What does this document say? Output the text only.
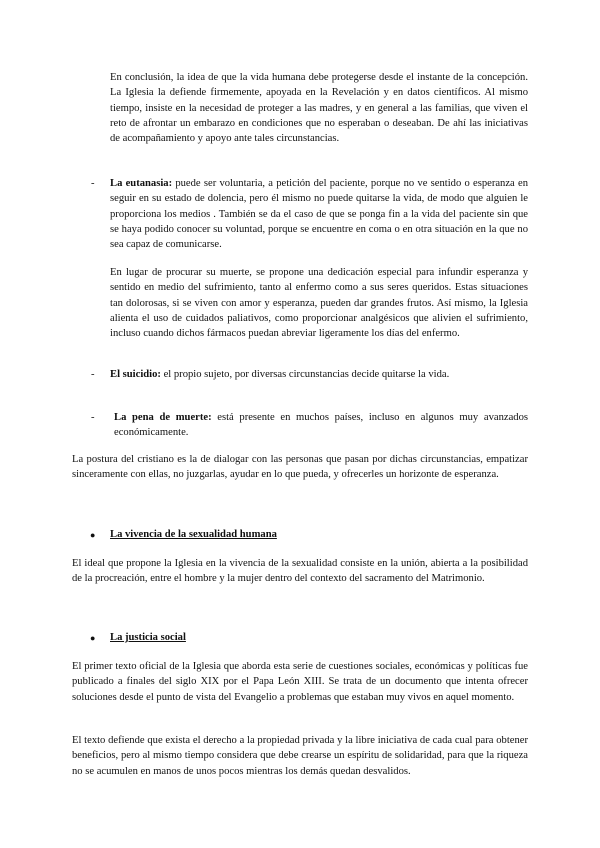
En conclusión, la idea de que la vida humana debe protegerse desde el instante de la concepción. La Iglesia la defiende firmemente, apoyada en la Revelación y en datos científicos. Al mismo tiempo, insiste en la necesidad de proteger a las madres, y en general a las familias, que viven el reto de afrontar un embarazo en condiciones que no esperaban o deseaban. De ahí las iniciativas de acompañamiento y apoyo ante tales circunstancias.

- La eutanasia: puede ser voluntaria, a petición del paciente, porque no ve sentido o esperanza en seguir en su estado de dolencia, pero él mismo no puede quitarse la vida, de modo que alguien le proporciona los medios . También se da el caso de que se ponga fin a la vida del paciente sin que se haya podido conocer su voluntad, porque se encuentre en coma o en otra situación en la que no sea capaz de comunicarse.

En lugar de procurar su muerte, se propone una dedicación especial para infundir esperanza y sentido en medio del sufrimiento, tanto al enfermo como a sus seres queridos. Estas situaciones tan dolorosas, si se viven con amor y esperanza, pueden dar grandes frutos. Así mismo, la Iglesia alienta el uso de cuidados paliativos, como proporcionar analgésicos que alivien el sufrimiento, incluso cuando dichos fármacos puedan abreviar ligeramente los días del enfermo.

- El suicidio: el propio sujeto, por diversas circunstancias decide quitarse la vida.

- La pena de muerte: está presente en muchos países, incluso en algunos muy avanzados económicamente.

La postura del cristiano es la de dialogar con las personas que pasan por dichas circunstancias, empatizar sinceramente con ellas, no juzgarlas, ayudar en lo que pueda, y ofrecerles un horizonte de esperanza.

● La vivencia de la sexualidad humana

El ideal que propone la Iglesia en la vivencia de la sexualidad consiste en la unión, abierta a la posibilidad de la procreación, entre el hombre y la mujer dentro del contexto del sacramento del Matrimonio.

● La justicia social

El primer texto oficial de la Iglesia que aborda esta serie de cuestiones sociales, económicas y políticas fue publicado a finales del siglo XIX por el Papa León XIII. Se trata de un documento que intenta ofrecer soluciones desde el punto de vista del Evangelio a problemas que estaban muy vivos en aquel momento.

El texto defiende que exista el derecho a la propiedad privada y la libre iniciativa de cada cual para obtener beneficios, pero al mismo tiempo considera que debe crearse un espíritu de solidaridad, para que la riqueza no se acumulen en manos de unos pocos mientras los demás quedan desvalidos.
